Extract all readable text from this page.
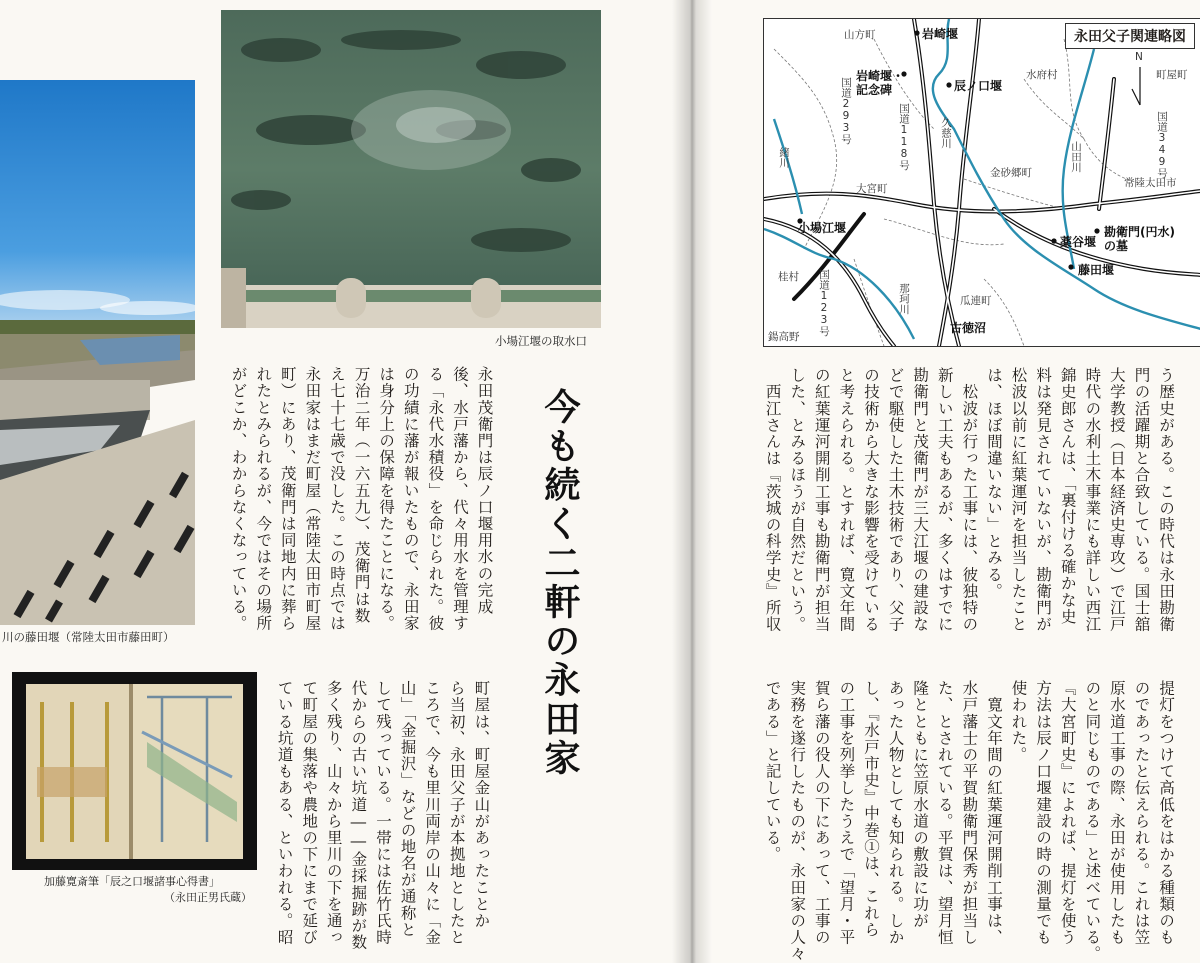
川の藤田堰（常陸太田市藤田町）
小場江堰の取水口
加藤寛斎筆「辰之口堰諸事心得書」
（永田正男氏蔵）
今も続く二軒の永田家
永田茂衛門は辰ノ口堰用水の完成
後、水戸藩から、代々用水を管理す
る「永代水積役」を命じられた。彼
の功績に藩が報いたもので、永田家
は身分上の保障を得たことになる。
万治二年（一六五九）、茂衛門は数
え七十七歳で没した。この時点では
永田家はまだ町屋（常陸太田市町屋
町）にあり、茂衛門は同地内に葬ら
れたとみられるが、今ではその場所
がどこか、わからなくなっている。
町屋は、町屋金山があったことか
ら当初、永田父子が本拠地としたと
ころで、今も里川両岸の山々に「金
山」「金掘沢」などの地名が通称と
して残っている。一帯には佐竹氏時
代からの古い坑道――金採掘跡が数
多く残り、山々から里川の下を通っ
て町屋の集落や農地の下にまで延び
ている坑道もある、といわれる。昭
永田父子関連略図
N
山方町	岩崎堰
岩崎堰・
記念碑	辰ノ口堰
水府村	町屋町
国道293号	国道118号	国道349号
久慈川
山田川
緒川
金砂郷町
常陸太田市
大宮町
小場江堰
薬谷堰
勘衛門(円水)
の墓
藤田堰
桂村 国道123号	那珂川	瓜連町
古徳沼
鍚高野
う歴史がある。この時代は永田勘衛
門の活躍期と合致している。国士舘
大学教授（日本経済史専攻）で江戸
時代の水利土木事業にも詳しい西江
錦史郎さんは、「裏付ける確かな史
料は発見されていないが、勘衛門が
松波以前に紅葉運河を担当したこと
は、ほぼ間違いない」とみる。
　松波が行った工事には、彼独特の
新しい工夫もあるが、多くはすでに
勘衛門と茂衛門が三大江堰の建設な
どで駆使した土木技術であり、父子
の技術から大きな影響を受けている
と考えられる。とすれば、寛文年間
の紅葉運河開削工事も勘衛門が担当
した、とみるほうが自然だという。
　西江さんは『茨城の科学史』所収
提灯をつけて高低をはかる種類のも
のであったと伝えられる。これは笠
原水道工事の際、永田が使用したも
のと同じものである」と述べている。
『大宮町史』によれば、提灯を使う
方法は辰ノ口堰建設の時の測量でも
使われた。
　寛文年間の紅葉運河開削工事は、
水戸藩士の平賀勘衛門保秀が担当し
た、とされている。平賀は、望月恒
隆とともに笠原水道の敷設に功が
あった人物としても知られる。しか
し、『水戸市史』中巻①は、これら
の工事を列挙したうえで「望月・平
賀ら藩の役人の下にあって、工事の
実務を遂行したものが、永田家の人々
である」と記している。
